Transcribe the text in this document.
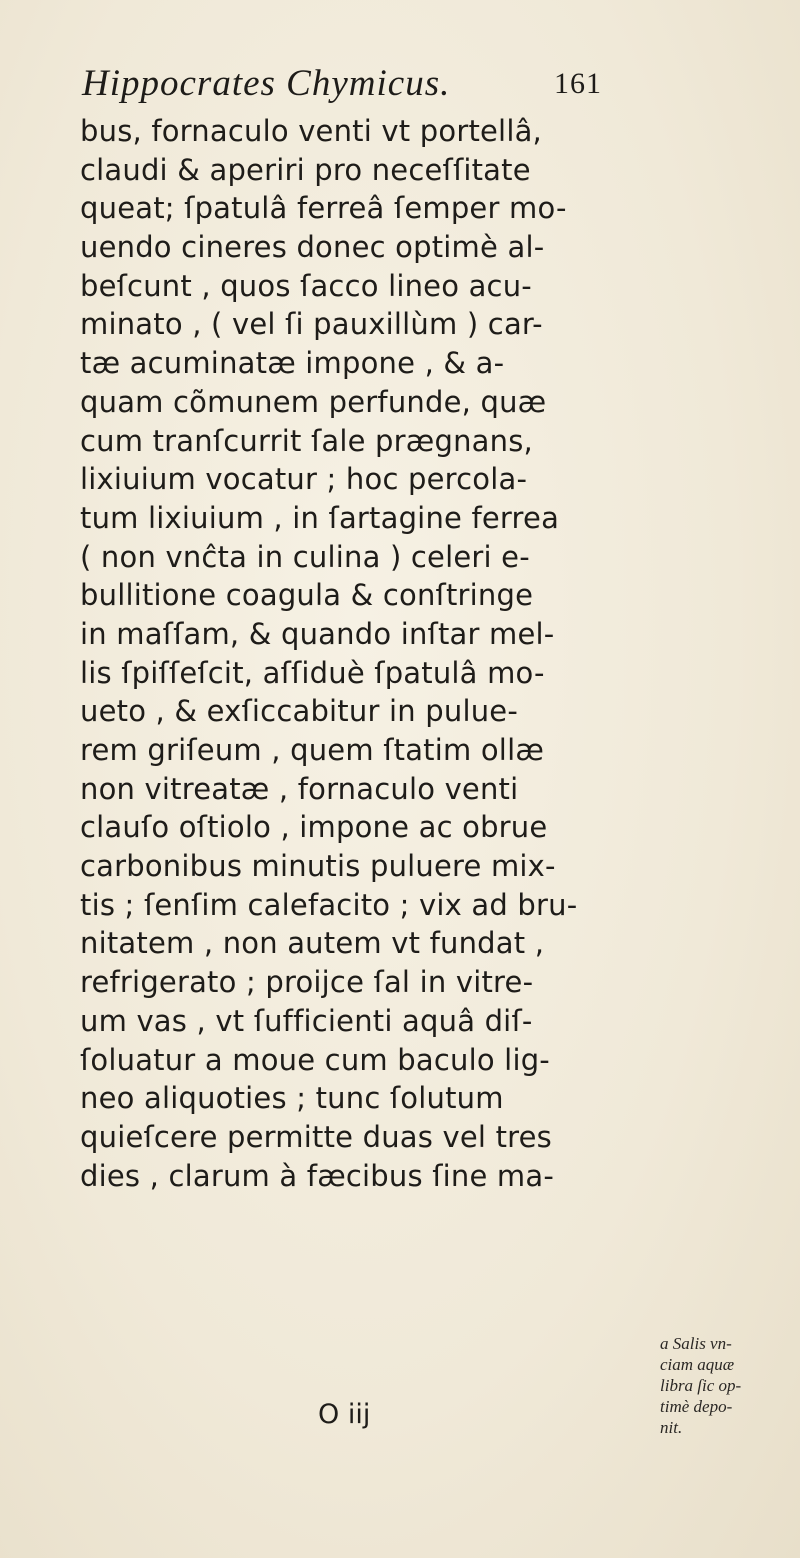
Hippocrates Chymicus.	161
bus, fornaculo venti vt portellâ,
claudi & aperiri pro neceſſitate
queat; ſpatulâ ferreâ ſemper mo-
uendo cineres donec optimè al-
beſcunt , quos ſacco lineo acu-
minato , ( vel ſi pauxillùm ) car-
tæ acuminatæ impone , & a-
quam cõmunem perfunde, quæ
cum tranſcurrit ſale prægnans,
lixiuium vocatur ; hoc percola-
tum lixiuium , in ſartagine ferrea
( non vnĉta in culina ) celeri e-
bullitione coagula & conſtringe
in maſſam, & quando inſtar mel-
lis ſpiſſeſcit, aſſiduè ſpatulâ mo-
ueto , & exſiccabitur in pulue-
rem griſeum , quem ſtatim ollæ
non vitreatæ , fornaculo venti
clauſo oſtiolo , impone ac obrue
carbonibus minutis puluere mix-
tis ; ſenſim calefacito ; vix ad bru-
nitatem , non autem vt fundat ,
refrigerato ; proijce ſal in vitre-
um vas , vt ſufficienti aquâ diſ-
ſoluatur a moue cum baculo lig-
neo aliquoties ; tunc ſolutum
quieſcere permitte duas vel tres
dies , clarum à fæcibus ſine ma-
O iij
a Salis vn-
ciam aquæ
libra ſic op-
timè depo-
nit.
